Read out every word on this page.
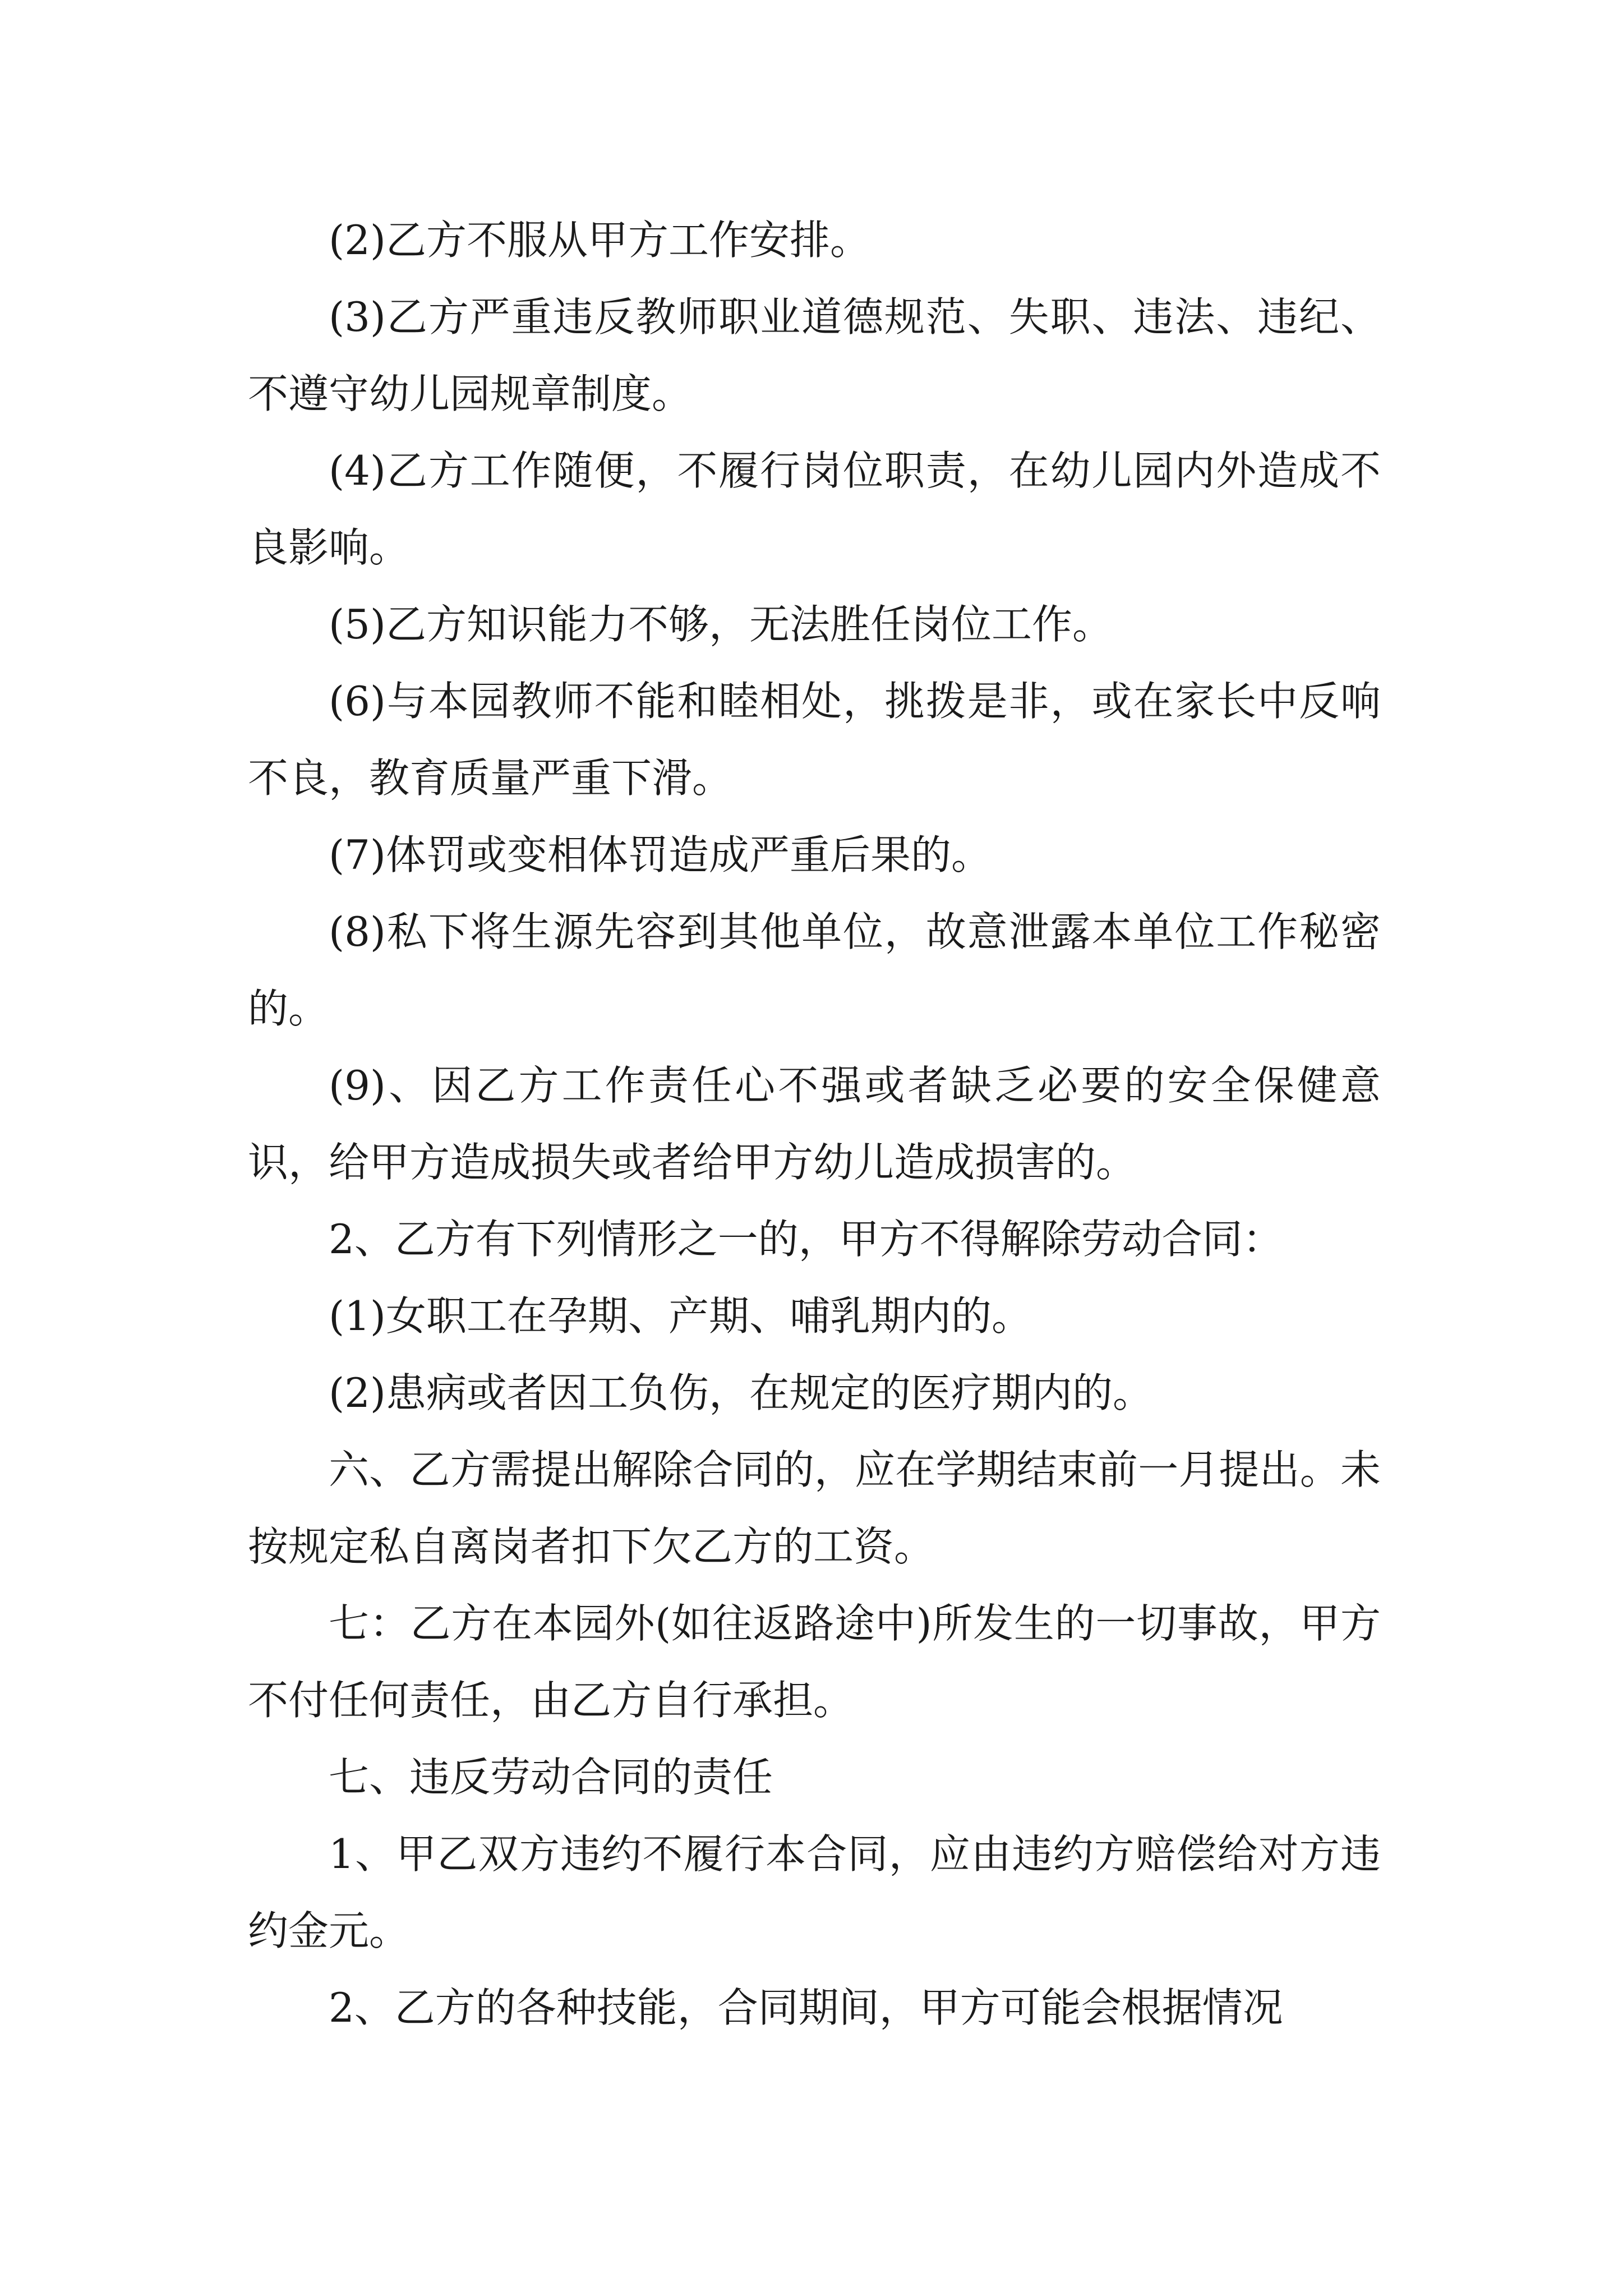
(2)乙方不服从甲方工作安排。

(3)乙方严重违反教师职业道德规范、失职、违法、违纪、不遵守幼儿园规章制度。

(4)乙方工作随便，不履行岗位职责，在幼儿园内外造成不良影响。

(5)乙方知识能力不够，无法胜任岗位工作。

(6)与本园教师不能和睦相处，挑拨是非，或在家长中反响不良，教育质量严重下滑。

(7)体罚或变相体罚造成严重后果的。

(8)私下将生源先容到其他单位，故意泄露本单位工作秘密的。

(9)、因乙方工作责任心不强或者缺乏必要的安全保健意识，给甲方造成损失或者给甲方幼儿造成损害的。

2、乙方有下列情形之一的，甲方不得解除劳动合同：

(1)女职工在孕期、产期、哺乳期内的。

(2)患病或者因工负伤，在规定的医疗期内的。

六、乙方需提出解除合同的，应在学期结束前一月提出。未按规定私自离岗者扣下欠乙方的工资。

七：乙方在本园外(如往返路途中)所发生的一切事故，甲方不付任何责任，由乙方自行承担。

七、违反劳动合同的责任

1、甲乙双方违约不履行本合同，应由违约方赔偿给对方违约金元。

2、乙方的各种技能，合同期间，甲方可能会根据情况
